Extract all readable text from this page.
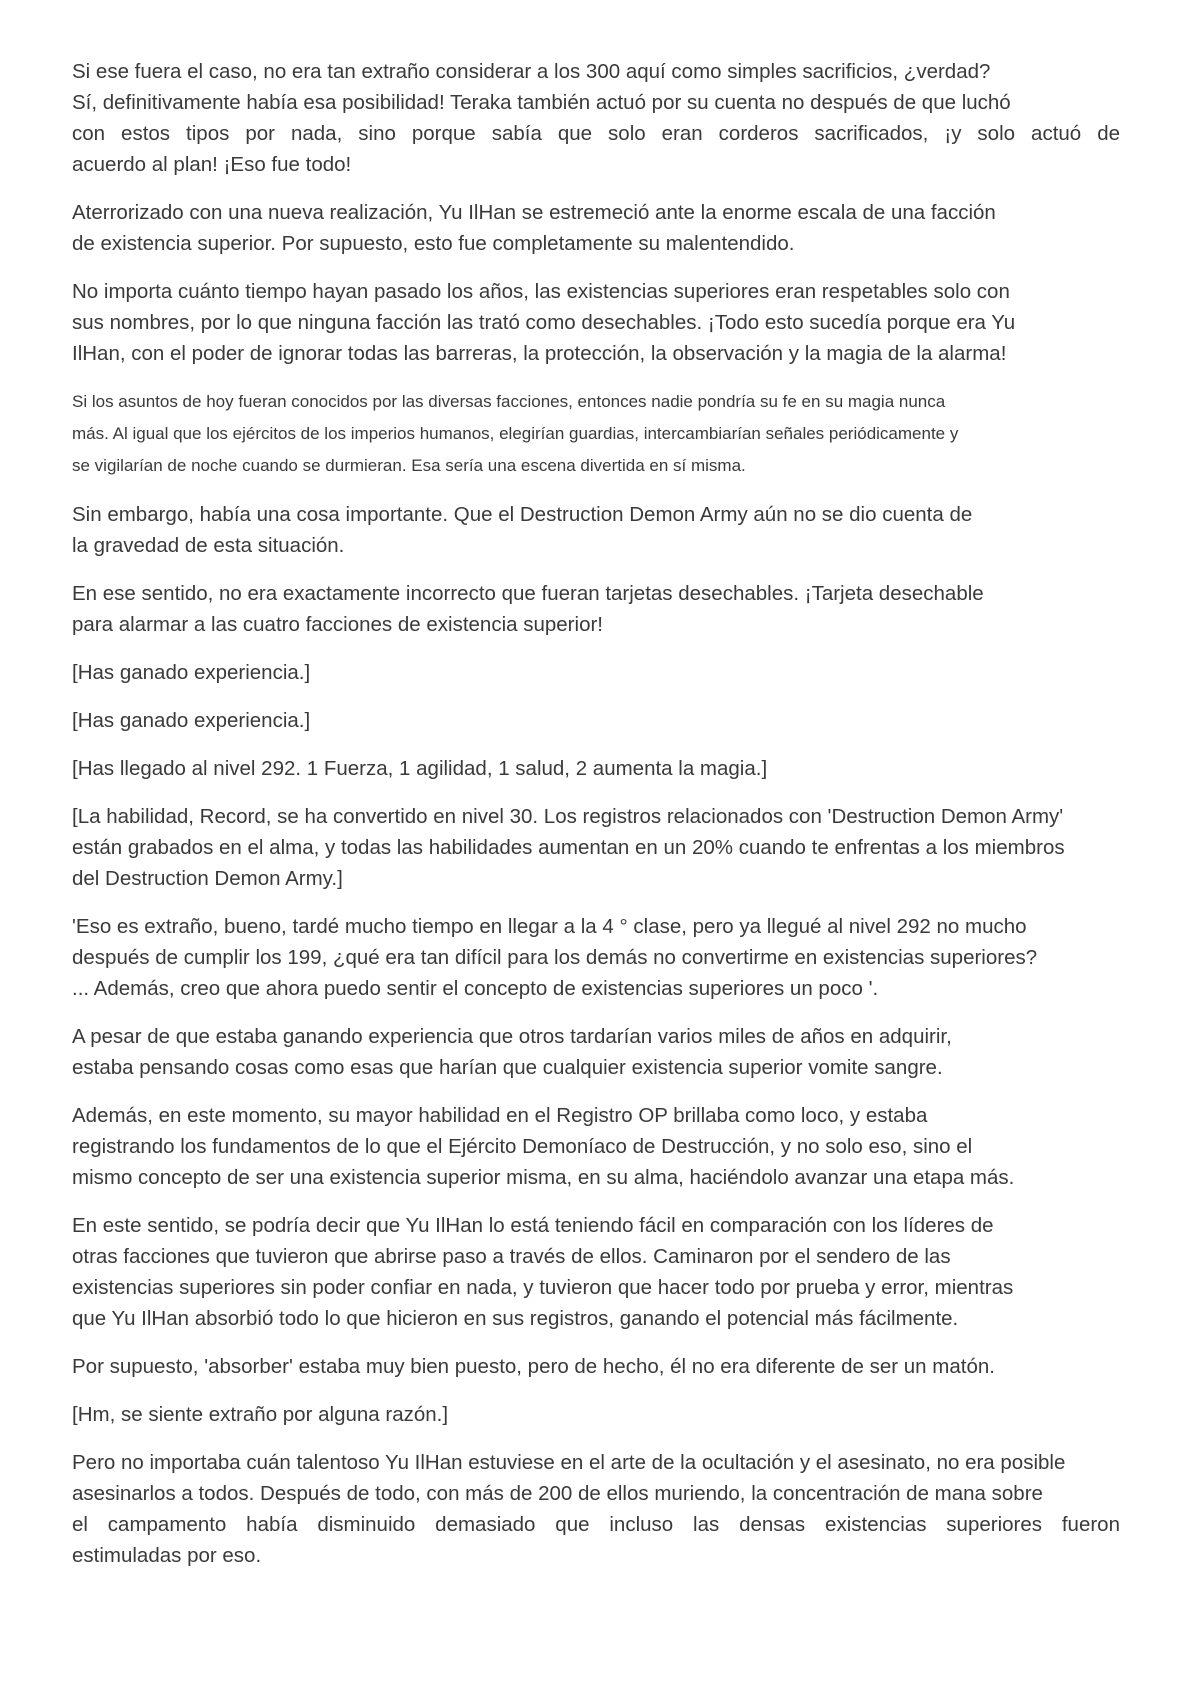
Si ese fuera el caso, no era tan extraño considerar a los 300 aquí como simples sacrificios, ¿verdad?
Sí, definitivamente había esa posibilidad! Teraka también actuó por su cuenta no después de que luchó
con estos tipos por nada, sino porque sabía que solo eran corderos sacrificados, ¡y solo actuó de
acuerdo al plan! ¡Eso fue todo!

Aterrorizado con una nueva realización, Yu IlHan se estremeció ante la enorme escala de una facción
de existencia superior. Por supuesto, esto fue completamente su malentendido.

No importa cuánto tiempo hayan pasado los años, las existencias superiores eran respetables solo con
sus nombres, por lo que ninguna facción las trató como desechables. ¡Todo esto sucedía porque era Yu
IlHan, con el poder de ignorar todas las barreras, la protección, la observación y la magia de la alarma!

Si los asuntos de hoy fueran conocidos por las diversas facciones, entonces nadie pondría su fe en su magia nunca
más. Al igual que los ejércitos de los imperios humanos, elegirían guardias, intercambiarían señales periódicamente y
se vigilarían de noche cuando se durmieran. Esa sería una escena divertida en sí misma.

Sin embargo, había una cosa importante. Que el Destruction Demon Army aún no se dio cuenta de
la gravedad de esta situación.

En ese sentido, no era exactamente incorrecto que fueran tarjetas desechables. ¡Tarjeta desechable
para alarmar a las cuatro facciones de existencia superior!

[Has ganado experiencia.]

[Has ganado experiencia.]

[Has llegado al nivel 292. 1 Fuerza, 1 agilidad, 1 salud, 2 aumenta la magia.]

[La habilidad, Record, se ha convertido en nivel 30. Los registros relacionados con 'Destruction Demon Army'
están grabados en el alma, y todas las habilidades aumentan en un 20% cuando te enfrentas a los miembros
del Destruction Demon Army.]

'Eso es extraño, bueno, tardé mucho tiempo en llegar a la 4 ° clase, pero ya llegué al nivel 292 no mucho
después de cumplir los 199, ¿qué era tan difícil para los demás no convertirme en existencias superiores?
... Además, creo que ahora puedo sentir el concepto de existencias superiores un poco '.

A pesar de que estaba ganando experiencia que otros tardarían varios miles de años en adquirir,
estaba pensando cosas como esas que harían que cualquier existencia superior vomite sangre.

Además, en este momento, su mayor habilidad en el Registro OP brillaba como loco, y estaba
registrando los fundamentos de lo que el Ejército Demoníaco de Destrucción, y no solo eso, sino el
mismo concepto de ser una existencia superior misma, en su alma, haciéndolo avanzar una etapa más.

En este sentido, se podría decir que Yu IlHan lo está teniendo fácil en comparación con los líderes de
otras facciones que tuvieron que abrirse paso a través de ellos. Caminaron por el sendero de las
existencias superiores sin poder confiar en nada, y tuvieron que hacer todo por prueba y error, mientras
que Yu IlHan absorbió todo lo que hicieron en sus registros, ganando el potencial más fácilmente.

Por supuesto, 'absorber' estaba muy bien puesto, pero de hecho, él no era diferente de ser un matón.

[Hm, se siente extraño por alguna razón.]

Pero no importaba cuán talentoso Yu IlHan estuviese en el arte de la ocultación y el asesinato, no era posible
asesinarlos a todos. Después de todo, con más de 200 de ellos muriendo, la concentración de mana sobre
el campamento había disminuido demasiado que incluso las densas existencias superiores fueron
estimuladas por eso.
